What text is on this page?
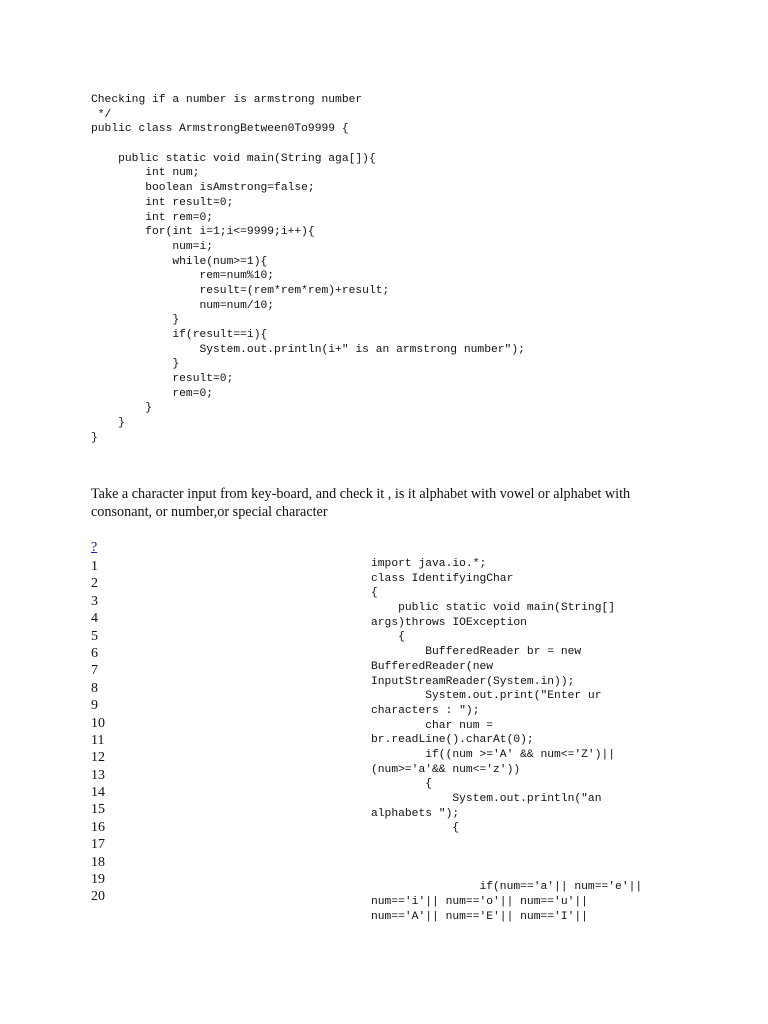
Checking if a number is armstrong number
*/
public class ArmstrongBetween0To9999 {
public static void main(String aga[]){
int num;
boolean isAmstrong=false;
int result=0;
int rem=0;
for(int i=1;i<=9999;i++){
num=i;
while(num>=1){
rem=num%10;
result=(rem*rem*rem)+result;
num=num/10;
}
if(result==i){
System.out.println(i+" is an armstrong number");
}
result=0;
rem=0;
}
}
}
Take a character input from key-board, and check it , is it alphabet with vowel or alphabet with consonant, or number,or special character
?
1
2
3
4
5
6
7
8
9
10
11
12
13
14
15
16
17
18
19
20
import java.io.*;
class IdentifyingChar
{
public static void main(String[]
args)throws IOException
{
BufferedReader br = new
BufferedReader(new
InputStreamReader(System.in));
System.out.print("Enter ur
characters : ");
char num =
br.readLine().charAt(0);
if((num >='A' && num<='Z')||
(num>='a'&& num<='z'))
{
System.out.println("an
alphabets ");
{
if(num=='a'|| num=='e'||
num=='i'|| num=='o'|| num=='u'||
num=='A'|| num=='E'|| num=='I'||
